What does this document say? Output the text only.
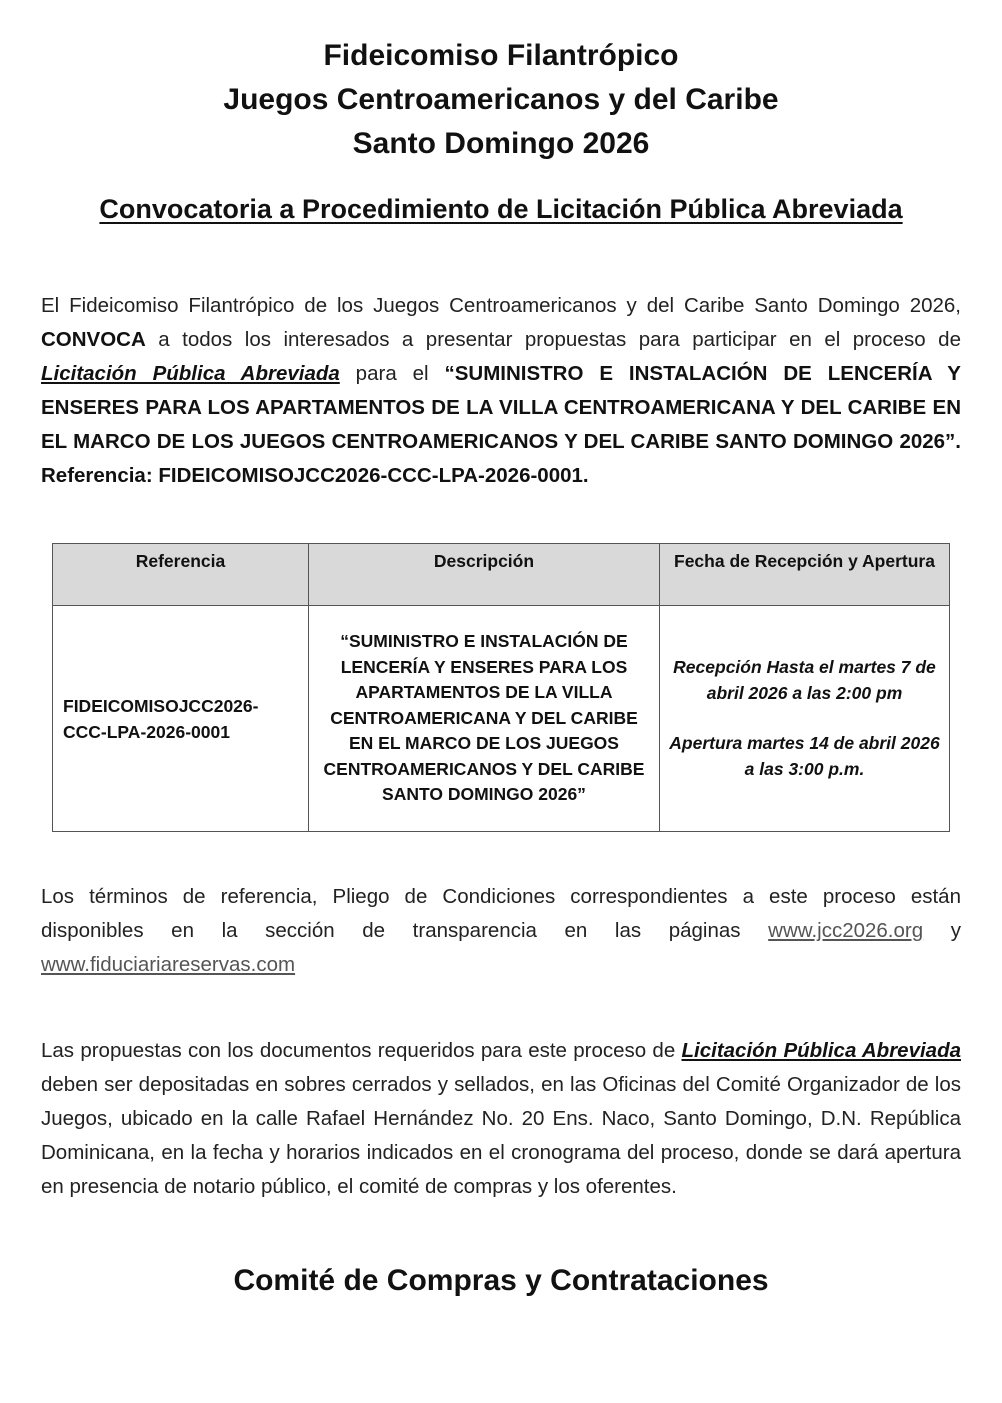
Fideicomiso Filantrópico
Juegos Centroamericanos y del Caribe
Santo Domingo 2026
Convocatoria a Procedimiento de Licitación Pública Abreviada

El Fideicomiso Filantrópico de los Juegos Centroamericanos y del Caribe Santo Domingo 2026, CONVOCA a todos los interesados a presentar propuestas para participar en el proceso de Licitación Pública Abreviada para el “SUMINISTRO E INSTALACIÓN DE LENCERÍA Y ENSERES PARA LOS APARTAMENTOS DE LA VILLA CENTROAMERICANA Y DEL CARIBE EN EL MARCO DE LOS JUEGOS CENTROAMERICANOS Y DEL CARIBE SANTO DOMINGO 2026”. Referencia: FIDEICOMISOJCC2026-CCC-LPA-2026-0001.

Referencia	Descripción	Fecha de Recepción y Apertura
FIDEICOMISOJCC2026-
CCC-LPA-2026-0001	“SUMINISTRO E INSTALACIÓN DE LENCERÍA Y ENSERES PARA LOS APARTAMENTOS DE LA VILLA CENTROAMERICANA Y DEL CARIBE EN EL MARCO DE LOS JUEGOS CENTROAMERICANOS Y DEL CARIBE SANTO DOMINGO 2026”	Recepción Hasta el martes 7 de abril 2026 a las 2:00 pm
Apertura martes 14 de abril 2026 a las 3:00 p.m.

Los términos de referencia, Pliego de Condiciones correspondientes a este proceso están disponibles en la sección de transparencia en las páginas www.jcc2026.org y www.fiduciariareservas.com

Las propuestas con los documentos requeridos para este proceso de Licitación Pública Abreviada deben ser depositadas en sobres cerrados y sellados, en las Oficinas del Comité Organizador de los Juegos, ubicado en la calle Rafael Hernández No. 20 Ens. Naco, Santo Domingo, D.N. República Dominicana, en la fecha y horarios indicados en el cronograma del proceso, donde se dará apertura en presencia de notario público, el comité de compras y los oferentes.

Comité de Compras y Contrataciones
